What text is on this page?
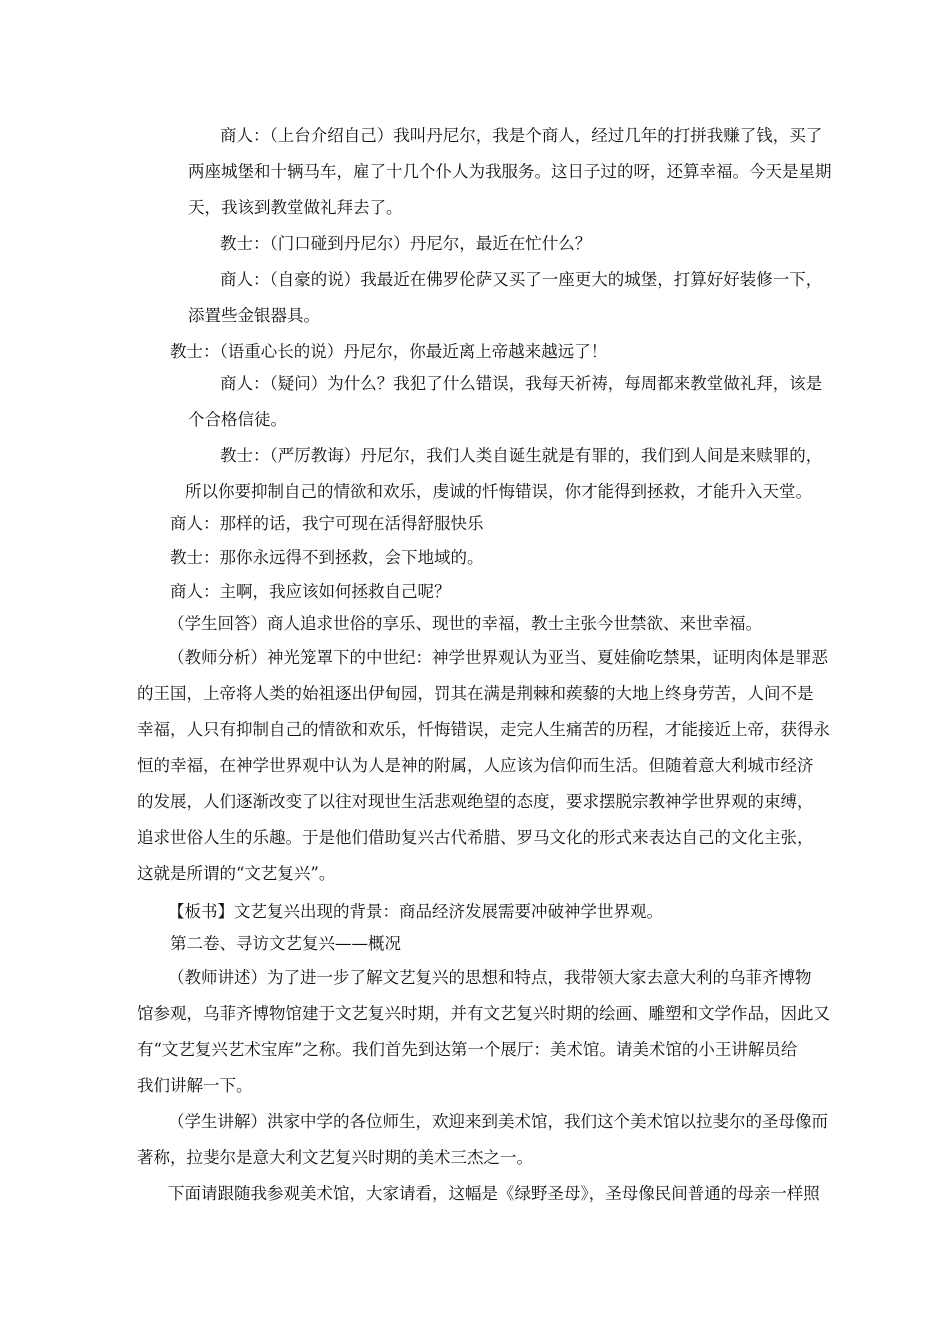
商人：（上台介绍自己）我叫丹尼尔，我是个商人，经过几年的打拼我赚了钱，买了
两座城堡和十辆马车，雇了十几个仆人为我服务。这日子过的呀，还算幸福。今天是星期
天，我该到教堂做礼拜去了。
教士：（门口碰到丹尼尔）丹尼尔，最近在忙什么？
商人：（自豪的说）我最近在佛罗伦萨又买了一座更大的城堡，打算好好装修一下，
添置些金银器具。
教士：（语重心长的说）丹尼尔，你最近离上帝越来越远了！
商人：（疑问）为什么？我犯了什么错误，我每天祈祷，每周都来教堂做礼拜，该是
个合格信徒。
教士：（严厉教诲）丹尼尔，我们人类自诞生就是有罪的，我们到人间是来赎罪的，
所以你要抑制自己的情欲和欢乐，虔诚的忏悔错误，你才能得到拯救，才能升入天堂。
商人：那样的话，我宁可现在活得舒服快乐
教士：那你永远得不到拯救，会下地域的。
商人：主啊，我应该如何拯救自己呢？
（学生回答）商人追求世俗的享乐、现世的幸福，教士主张今世禁欲、来世幸福。
（教师分析）神光笼罩下的中世纪：神学世界观认为亚当、夏娃偷吃禁果，证明肉体是罪恶
的王国，上帝将人类的始祖逐出伊甸园，罚其在满是荆棘和蒺藜的大地上终身劳苦，人间不是
幸福，人只有抑制自己的情欲和欢乐，忏悔错误，走完人生痛苦的历程，才能接近上帝，获得永
恒的幸福，在神学世界观中认为人是神的附属，人应该为信仰而生活。但随着意大利城市经济
的发展，人们逐渐改变了以往对现世生活悲观绝望的态度，要求摆脱宗教神学世界观的束缚，
追求世俗人生的乐趣。于是他们借助复兴古代希腊、罗马文化的形式来表达自己的文化主张，
这就是所谓的“文艺复兴”。
【板书】文艺复兴出现的背景：商品经济发展需要冲破神学世界观。
第二卷、寻访文艺复兴——概况
（教师讲述）为了进一步了解文艺复兴的思想和特点，我带领大家去意大利的乌菲齐博物
馆参观，乌菲齐博物馆建于文艺复兴时期，并有文艺复兴时期的绘画、雕塑和文学作品，因此又
有“文艺复兴艺术宝库”之称。我们首先到达第一个展厅：美术馆。请美术馆的小王讲解员给
我们讲解一下。
（学生讲解）洪家中学的各位师生，欢迎来到美术馆，我们这个美术馆以拉斐尔的圣母像而
著称，拉斐尔是意大利文艺复兴时期的美术三杰之一。
下面请跟随我参观美术馆，大家请看，这幅是《绿野圣母》，圣母像民间普通的母亲一样照
